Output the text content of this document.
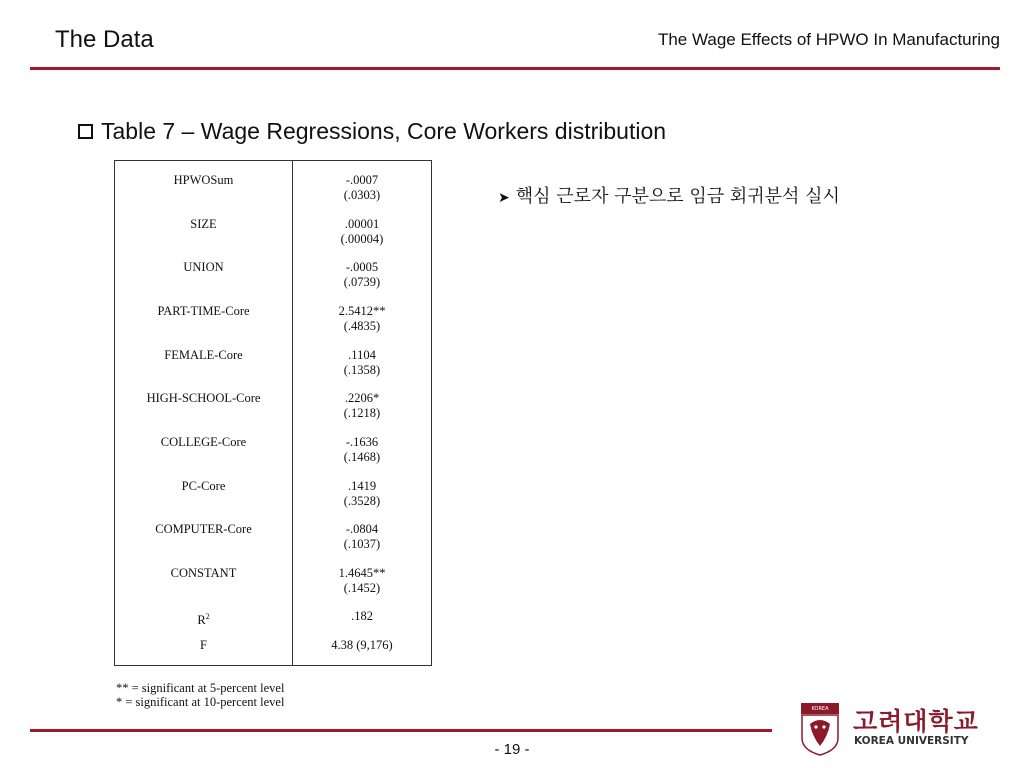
The Data	The Wage Effects of HPWO In Manufacturing
Table 7 – Wage Regressions, Core Workers distribution
HPWOSum	-.0007
(.0303)
SIZE	.00001
(.00004)
UNION	-.0005
(.0739)
PART-TIME-Core	2.5412**
(.4835)
FEMALE-Core	.1104
(.1358)
HIGH-SCHOOL-Core	.2206*
(.1218)
COLLEGE-Core	-.1636
(.1468)
PC-Core	.1419
(.3528)
COMPUTER-Core	-.0804
(.1037)
CONSTANT	1.4645**
(.1452)
$R^2$	.182
F	4.38 (9,176)
** = significant at 5-percent level
* = significant at 10-percent level
➤ 핵심 근로자 구분으로 임금 회귀분석 실시
- 19 -
KOREA 고려대학교
KOREA UNIVERSITY
